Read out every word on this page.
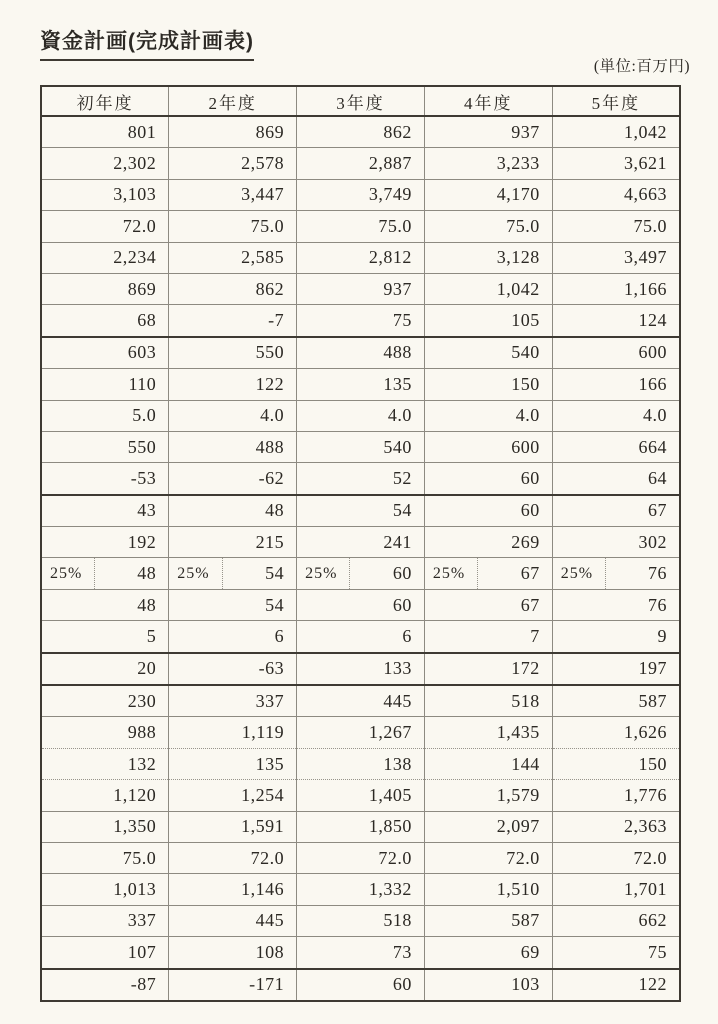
資金計画(完成計画表)
(単位:百万円)
初年度	2年度	3年度	4年度	5年度
801	869	862	937	1,042
2,302	2,578	2,887	3,233	3,621
3,103	3,447	3,749	4,170	4,663
72.0	75.0	75.0	75.0	75.0
2,234	2,585	2,812	3,128	3,497
869	862	937	1,042	1,166
68	-7	75	105	124
603	550	488	540	600
110	122	135	150	166
5.0	4.0	4.0	4.0	4.0
550	488	540	600	664
-53	-62	52	60	64
43	48	54	60	67
192	215	241	269	302

25% 48	25% 54	25% 60	25% 67	25% 76

48	54	60	67	76
5	6	6	7	9
20	-63	133	172	197
230	337	445	518	587
988	1,119	1,267	1,435	1,626
132	135	138	144	150
1,120	1,254	1,405	1,579	1,776
1,350	1,591	1,850	2,097	2,363
75.0	72.0	72.0	72.0	72.0
1,013	1,146	1,332	1,510	1,701
337	445	518	587	662
107	108	73	69	75
-87	-171	60	103	122
